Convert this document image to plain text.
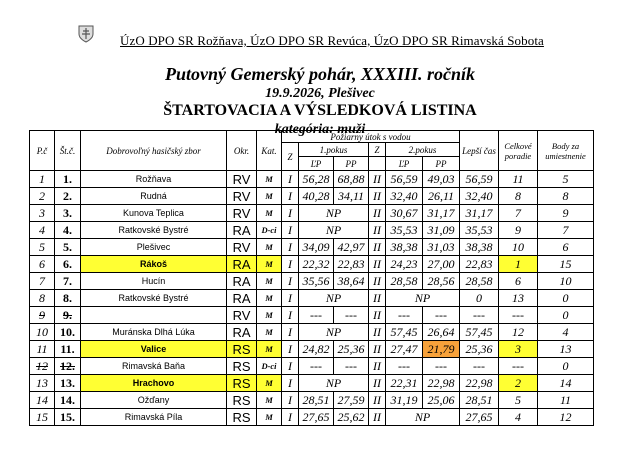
ÚzO DPO SR Rožňava, ÚzO DPO SR Revúca, ÚzO DPO SR Rimavská Sobota
Putovný Gemerský pohár, XXXIII. ročník
19.9.2026, Plešivec
ŠTARTOVACIA A VÝSLEDKOVÁ LISTINA
kategória: muži
P.č	Št.č.	Dobrovoľný hasičský zbor	Okr.	Kat.	Požiarny útok s vodou						Lepší čas	Celkové poradie	Body za umiestnenie
					Z	1.pokus		Z	2.pokus				
						ĽP	PP		ĽP	PP			
1	1.	Rožňava	RV	M	I	56,28	68,88	II	56,59	49,03	56,59	11	5
2	2.	Rudná	RV	M	I	40,28	34,11	II	32,40	26,11	32,40	8	8
3	3.	Kunova Teplica	RV	M	I	NP		II	30,67	31,17	31,17	7	9
4	4.	Ratkovské Bystré	RA	D-ci	I	NP		II	35,53	31,09	35,53	9	7
5	5.	Plešivec	RV	M	I	34,09	42,97	II	38,38	31,03	38,38	10	6
6	6.	Rákoš	RA	M	I	22,32	22,83	II	24,23	27,00	22,83	1	15
7	7.	Hucín	RA	M	I	35,56	38,64	II	28,58	28,56	28,58	6	10
8	8.	Ratkovské Bystré	RA	M	I	NP		II	NP		0	13	0
9	9.		RV	M	I	---	---	II	---	---	---	---	0
10	10.	Muránska Dlhá Lúka	RA	M	I	NP		II	57,45	26,64	57,45	12	4
11	11.	Valice	RS	M	I	24,82	25,36	II	27,47	21,79	25,36	3	13
12	12.	Rimavská Baňa	RS	D-ci	I	---	---	II	---	---	---	---	0
13	13.	Hrachovo	RS	M	I	NP		II	22,31	22,98	22,98	2	14
14	14.	Ožďany	RS	M	I	28,51	27,59	II	31,19	25,06	28,51	5	11
15	15.	Rimavská Píla	RS	M	I	27,65	25,62	II	NP		27,65	4	12
